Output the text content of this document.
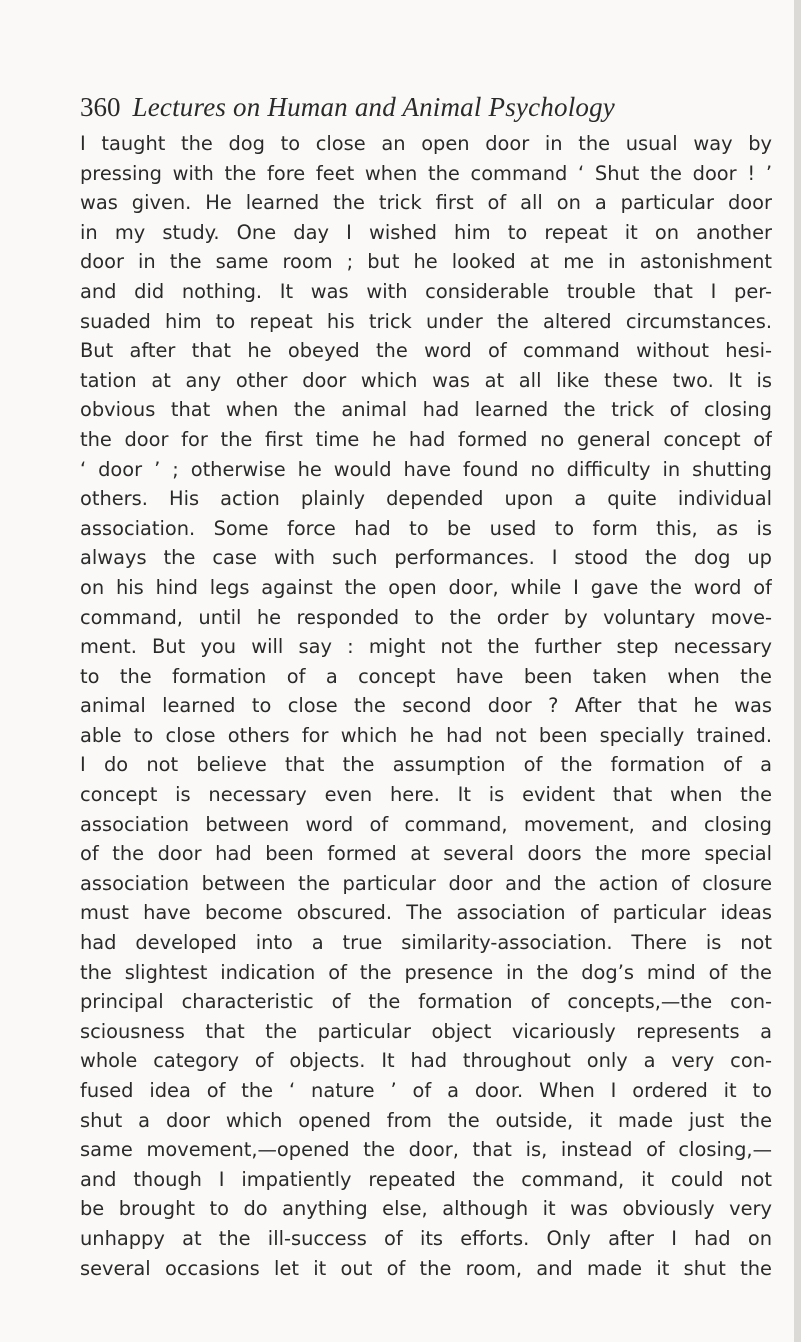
360 Lectures on Human and Animal Psychology
I taught the dog to close an open door in the usual way by
pressing with the fore feet when the command ‘ Shut the door ! ’
was given. He learned the trick first of all on a particular door
in my study. One day I wished him to repeat it on another
door in the same room ; but he looked at me in astonishment
and did nothing. It was with considerable trouble that I per-
suaded him to repeat his trick under the altered circumstances.
But after that he obeyed the word of command without hesi-
tation at any other door which was at all like these two. It is
obvious that when the animal had learned the trick of closing
the door for the first time he had formed no general concept of
‘ door ’ ; otherwise he would have found no difficulty in shutting
others. His action plainly depended upon a quite individual
association. Some force had to be used to form this, as is
always the case with such performances. I stood the dog up
on his hind legs against the open door, while I gave the word of
command, until he responded to the order by voluntary move-
ment. But you will say : might not the further step necessary
to the formation of a concept have been taken when the
animal learned to close the second door ? After that he was
able to close others for which he had not been specially trained.
I do not believe that the assumption of the formation of a
concept is necessary even here. It is evident that when the
association between word of command, movement, and closing
of the door had been formed at several doors the more special
association between the particular door and the action of closure
must have become obscured. The association of particular ideas
had developed into a true similarity-association. There is not
the slightest indication of the presence in the dog’s mind of the
principal characteristic of the formation of concepts,—the con-
sciousness that the particular object vicariously represents a
whole category of objects. It had throughout only a very con-
fused idea of the ‘ nature ’ of a door. When I ordered it to
shut a door which opened from the outside, it made just the
same movement,—opened the door, that is, instead of closing,—
and though I impatiently repeated the command, it could not
be brought to do anything else, although it was obviously very
unhappy at the ill-success of its efforts. Only after I had on
several occasions let it out of the room, and made it shut the
